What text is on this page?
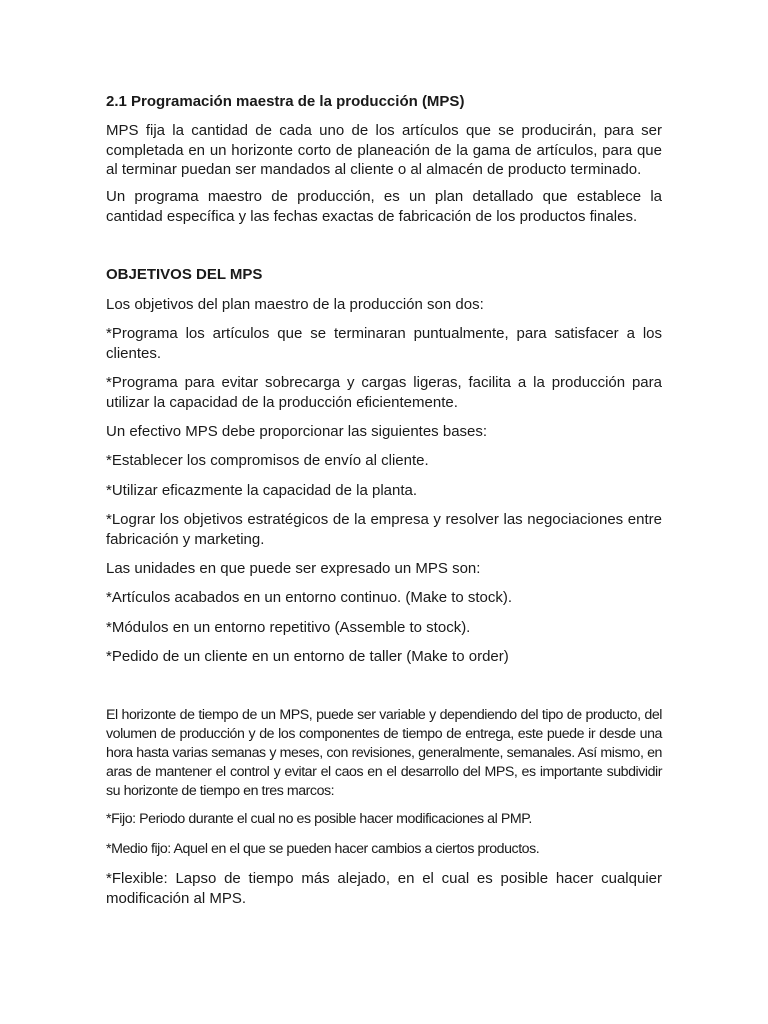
2.1 Programación maestra de la producción (MPS)

MPS fija la cantidad de cada uno de los artículos que se producirán, para ser completada en un horizonte corto de planeación de la gama de artículos, para que al terminar puedan ser mandados al cliente o al almacén de producto terminado.

Un programa maestro de producción, es un plan detallado que establece la cantidad específica y las fechas exactas de fabricación de los productos finales.

OBJETIVOS DEL MPS

Los objetivos del plan maestro de la producción son dos:

*Programa los artículos que se terminaran puntualmente, para satisfacer a los clientes.

*Programa para evitar sobrecarga y cargas ligeras, facilita a la producción para utilizar la capacidad de la producción eficientemente.

Un efectivo MPS debe proporcionar las siguientes bases:

*Establecer los compromisos de envío al cliente.

*Utilizar eficazmente la capacidad de la planta.

*Lograr los objetivos estratégicos de la empresa y resolver las negociaciones entre fabricación y marketing.

Las unidades en que puede ser expresado un MPS son:

*Artículos acabados en un entorno continuo. (Make to stock).

*Módulos en un entorno repetitivo (Assemble to stock).

*Pedido de un cliente en un entorno de taller (Make to order)

El horizonte de tiempo de un MPS, puede ser variable y dependiendo del tipo de producto, del volumen de producción y de los componentes de tiempo de entrega, este puede ir desde una hora hasta varias semanas y meses, con revisiones, generalmente, semanales. Así mismo, en aras de mantener el control y evitar el caos en el desarrollo del MPS, es importante subdividir su horizonte de tiempo en tres marcos:

*Fijo: Periodo durante el cual no es posible hacer modificaciones al PMP.

*Medio fijo: Aquel en el que se pueden hacer cambios a ciertos productos.

*Flexible: Lapso de tiempo más alejado, en el cual es posible hacer cualquier modificación al MPS.
